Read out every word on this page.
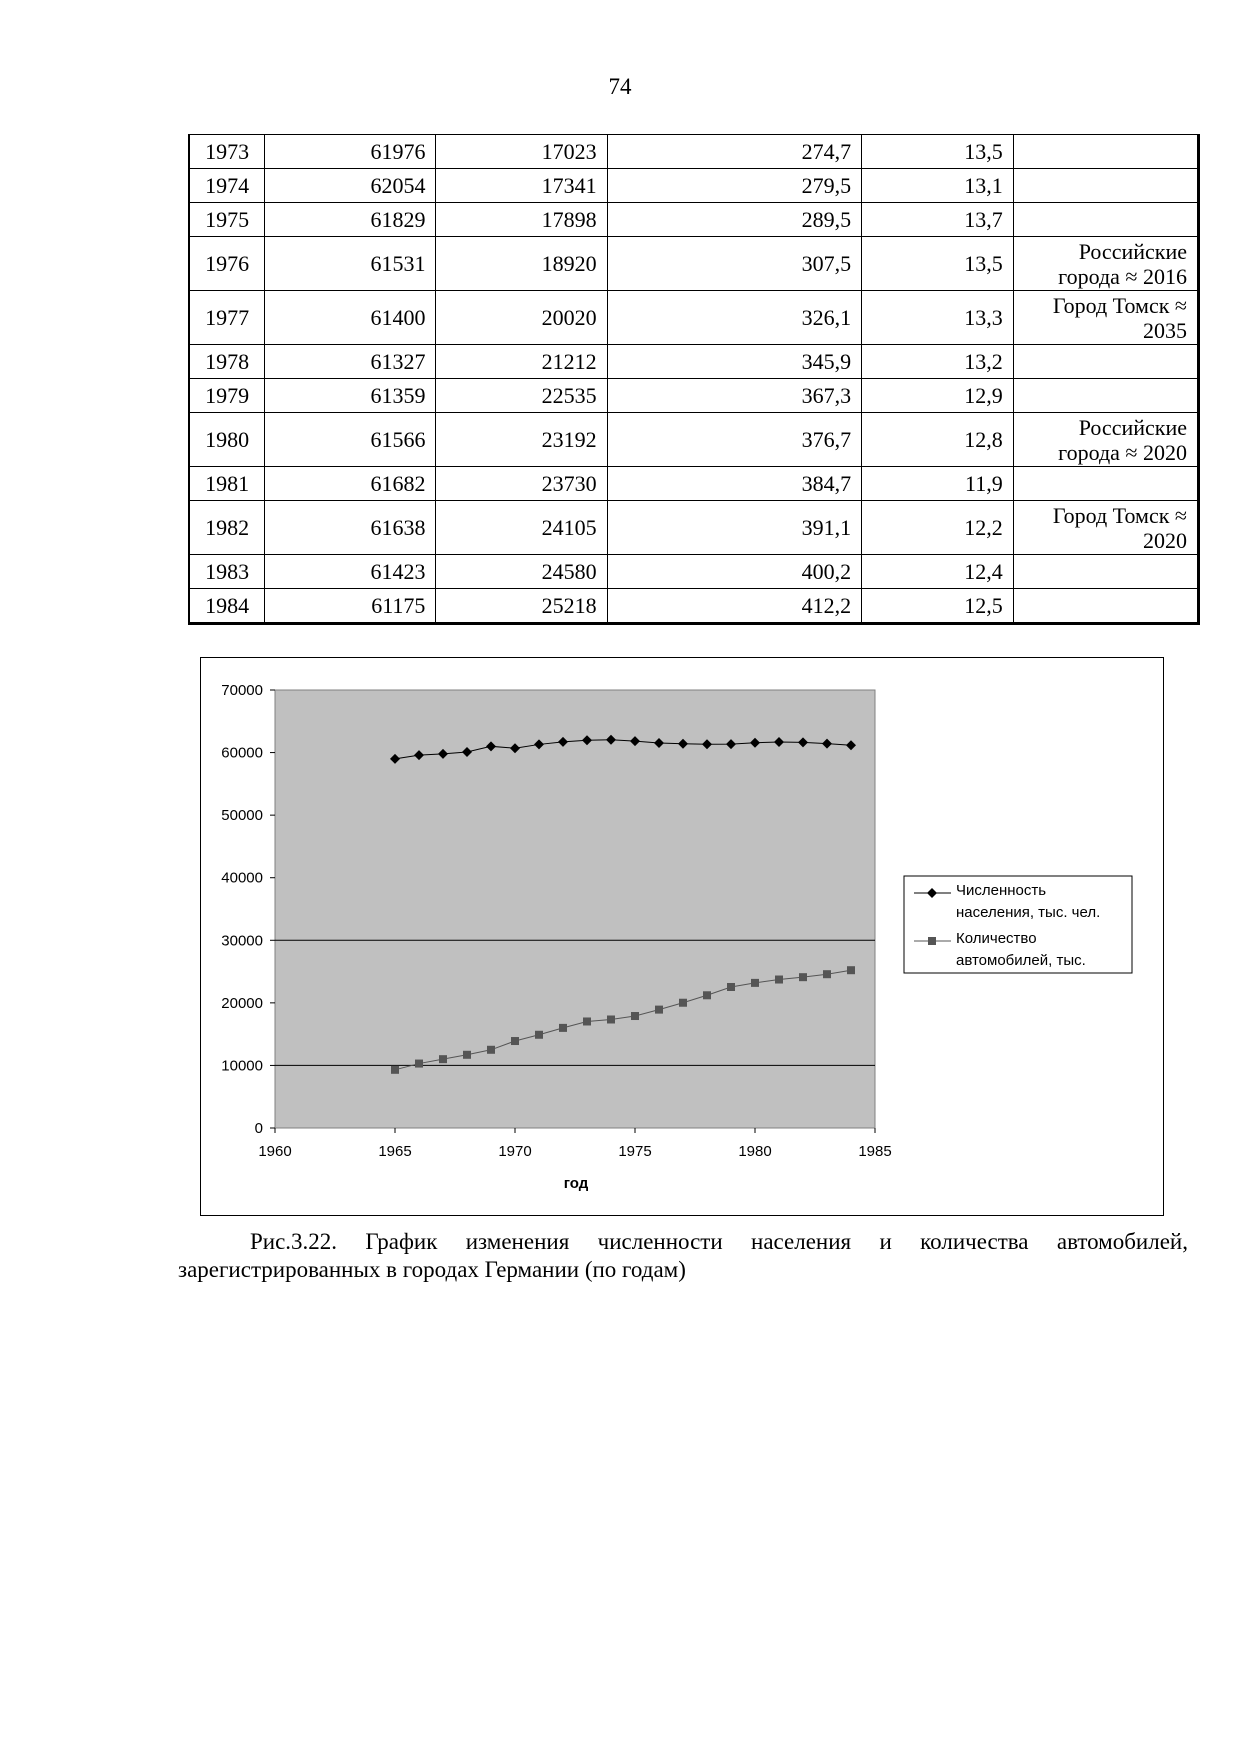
74
1973	61976	17023	274,7	13,5	
1974	62054	17341	279,5	13,1	
1975	61829	17898	289,5	13,7	
1976	61531	18920	307,5	13,5	Российские города ≈ 2016
1977	61400	20020	326,1	13,3	Город Томск ≈ 2035
1978	61327	21212	345,9	13,2	
1979	61359	22535	367,3	12,9	
1980	61566	23192	376,7	12,8	Российские города ≈ 2020
1981	61682	23730	384,7	11,9	
1982	61638	24105	391,1	12,2	Город Томск ≈ 2020
1983	61423	24580	400,2	12,4	
1984	61175	25218	412,2	12,5	
0
10000
20000
30000
40000
50000
60000
70000
1960	1965	1970	1975	1980	1985
год
Численность
населения, тыс. чел.
Количество
автомобилей, тыс.
Рис.3.22. График изменения численности населения и количества автомобилей,
зарегистрированных в городах Германии (по годам)
